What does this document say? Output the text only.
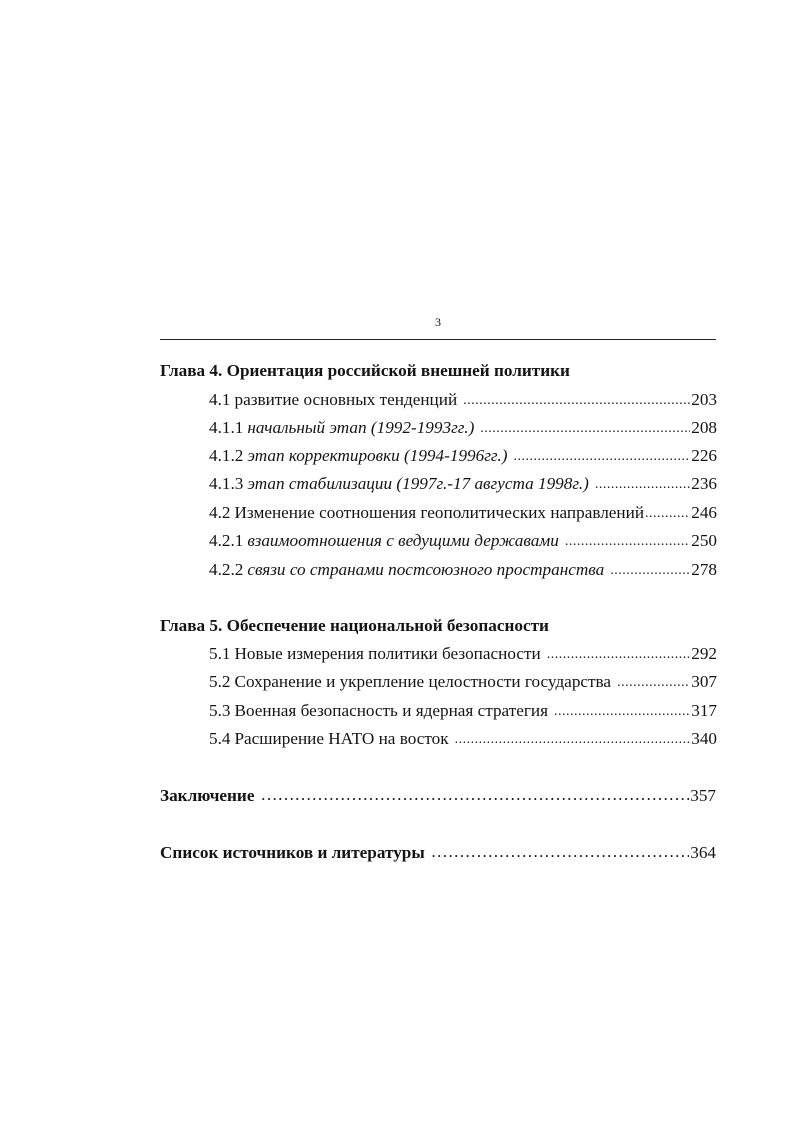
3
Глава 4. Ориентация российской внешней политики
4.1 развитие основных тенденций .....	203
4.1.1 начальный этап (1992-1993гг.) .....	208
4.1.2 этап корректировки (1994-1996гг.) .....	226
4.1.3 этап стабилизации (1997г.-17 августа 1998г.) .....	236
4.2 Изменение соотношения геополитических направлений .....	246
4.2.1 взаимоотношения с ведущими державами .....	250
4.2.2 связи со странами постсоюзного пространства .....	278
Глава 5. Обеспечение национальной безопасности
5.1 Новые измерения политики безопасности .....	292
5.2 Сохранение и укрепление целостности государства .....	307
5.3 Военная безопасность и ядерная стратегия .....	317
5.4 Расширение НАТО на восток .....	340
Заключение …………………………………………………………………………………………………………………………………………………………………………	357
Список источников и литературы …………………………………………………………………………………………………………………………………………………………………………	364
